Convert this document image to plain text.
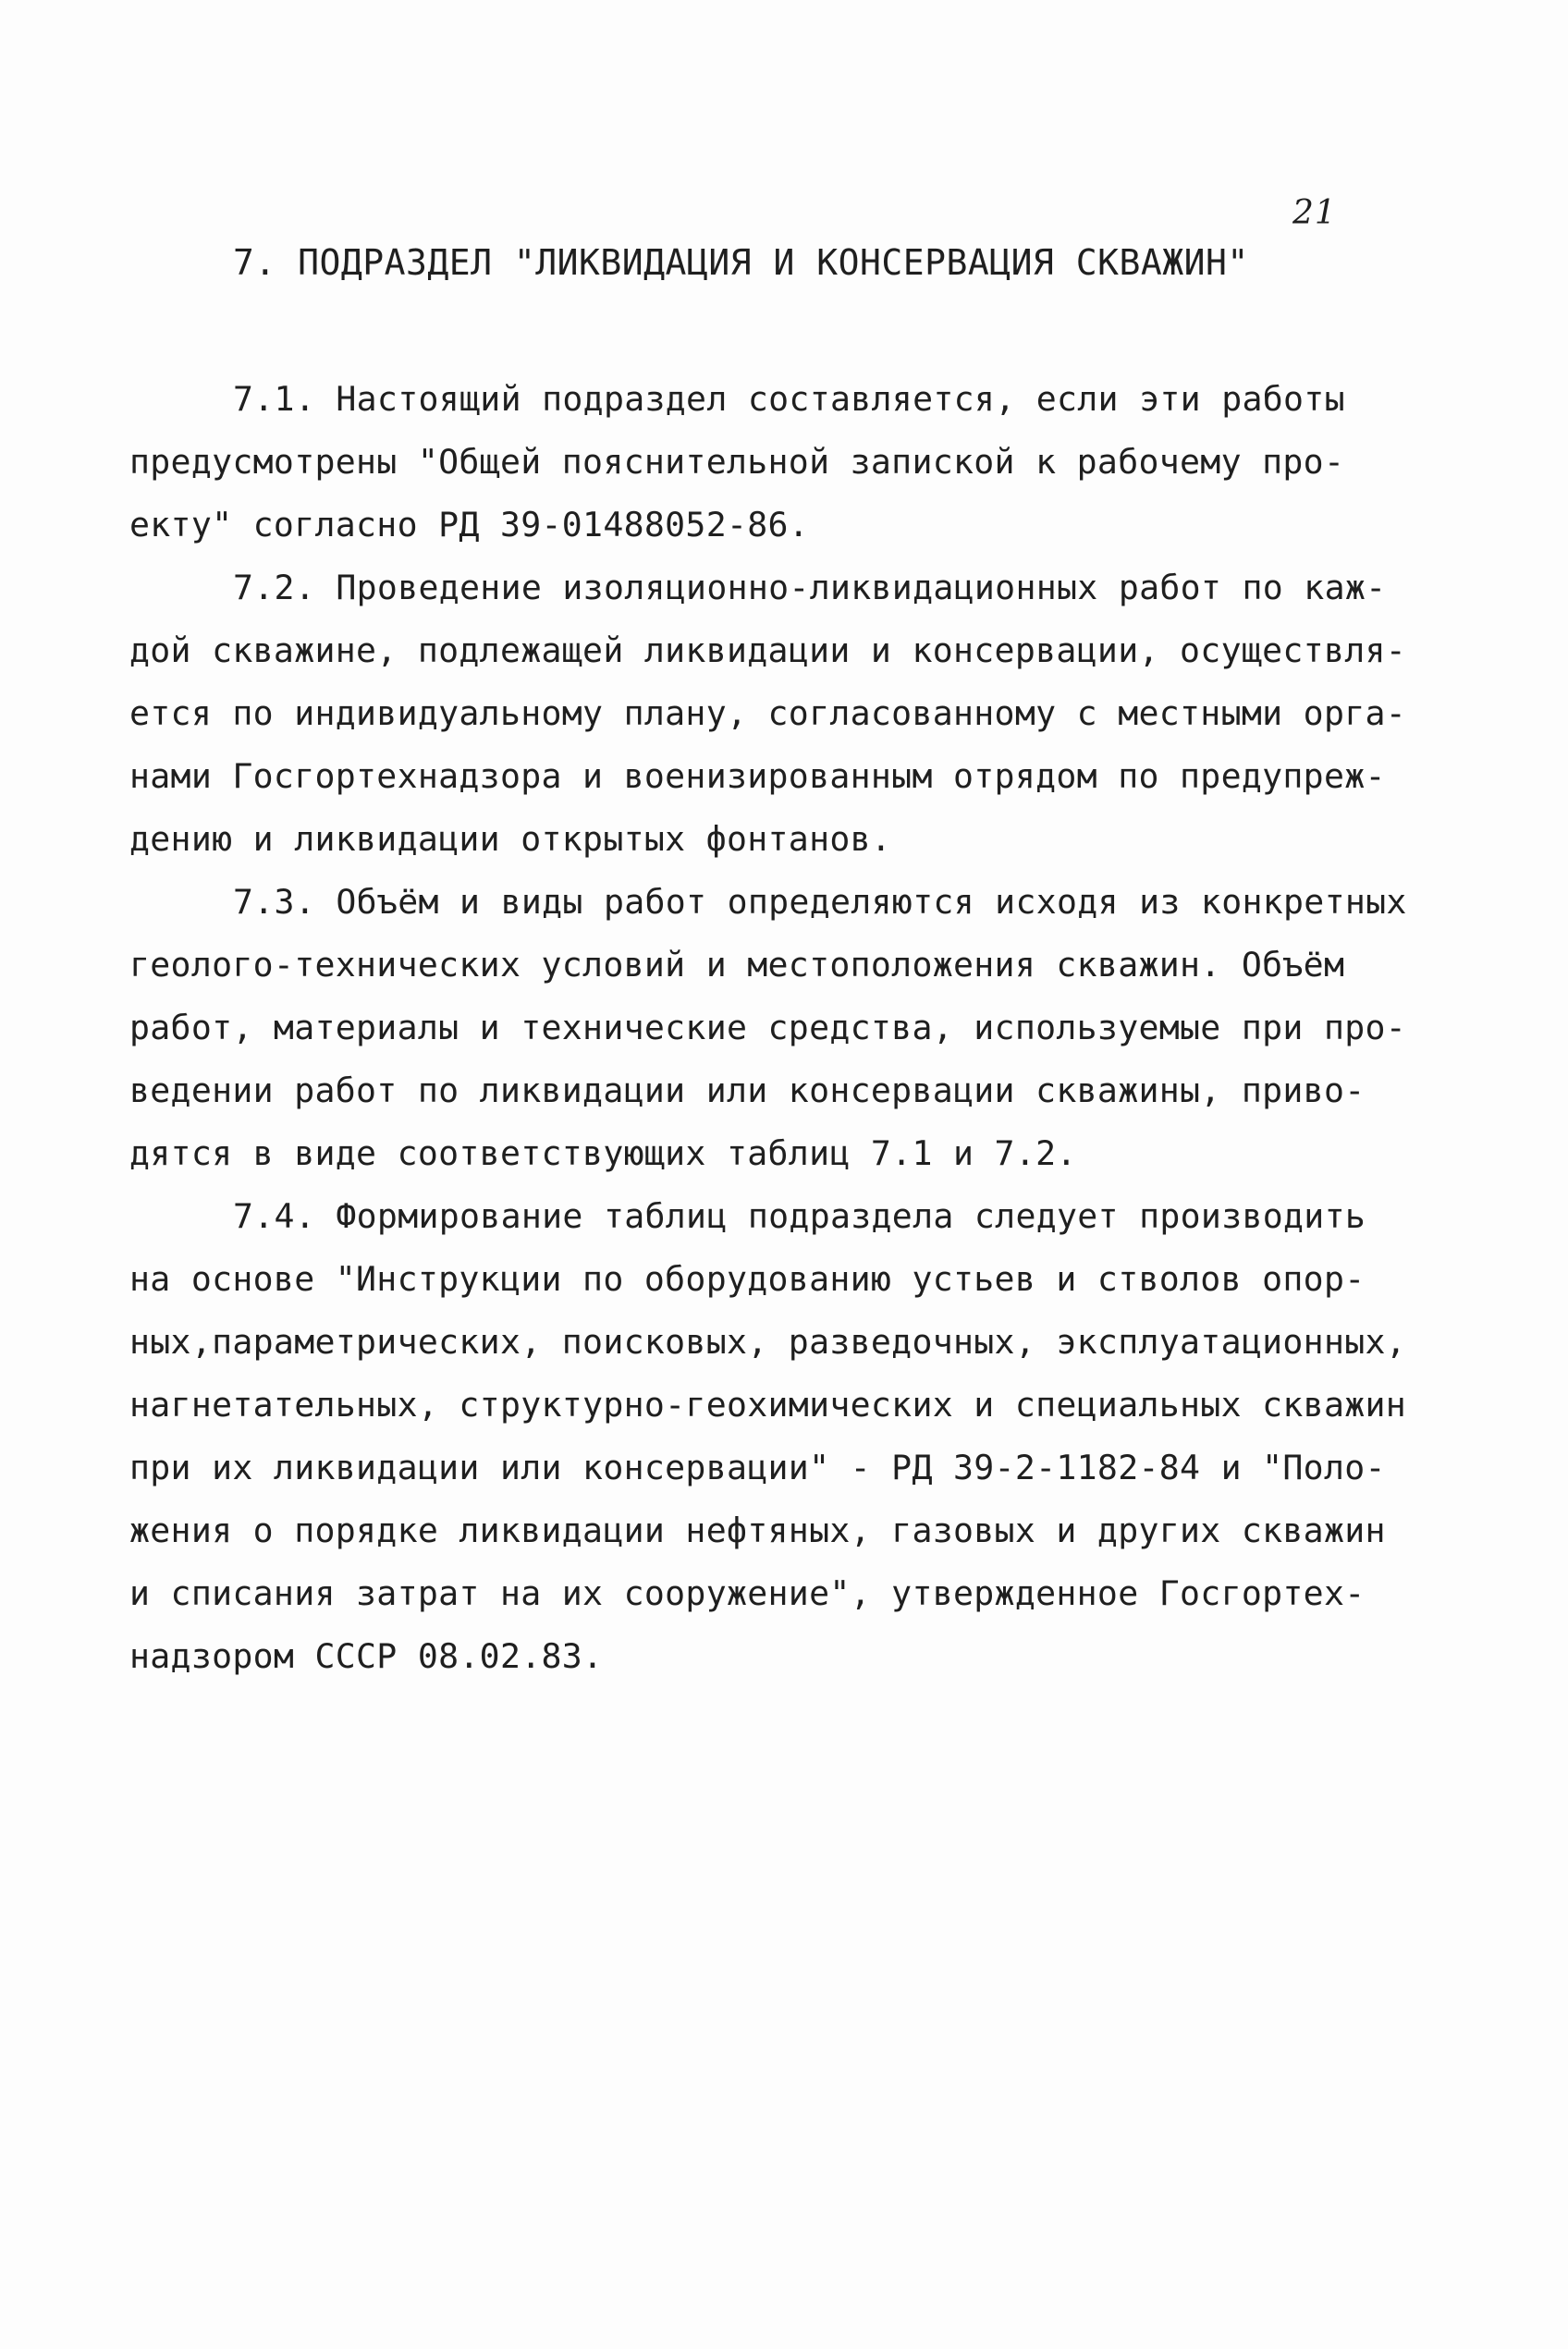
21
7. ПОДРАЗДЕЛ "ЛИКВИДАЦИЯ И КОНСЕРВАЦИЯ СКВАЖИН"
7.1. Настоящий подраздел составляется, если эти работы
предусмотрены "Общей пояснительной запиской к рабочему про-
екту" согласно РД 39-01488052-86.
7.2. Проведение изоляционно-ликвидационных работ по каж-
дой скважине, подлежащей ликвидации и консервации, осуществля-
ется по индивидуальному плану, согласованному с местными орга-
нами Госгортехнадзора и военизированным отрядом по предупреж-
дению и ликвидации открытых фонтанов.
7.3. Объём и виды работ определяются исходя из конкретных
геолого-технических условий и местоположения скважин. Объём
работ, материалы и технические средства, используемые при про-
ведении работ по ликвидации или консервации скважины, приво-
дятся в виде соответствующих таблиц 7.1 и 7.2.
7.4. Формирование таблиц подраздела следует производить
на основе "Инструкции по оборудованию устьев и стволов опор-
ных,параметрических, поисковых, разведочных, эксплуатационных,
нагнетательных, структурно-геохимических и специальных скважин
при их ликвидации или консервации" - РД 39-2-1182-84 и "Поло-
жения о порядке ликвидации нефтяных, газовых и других скважин
и списания затрат на их сооружение", утвержденное Госгортех-
надзором СССР 08.02.83.
